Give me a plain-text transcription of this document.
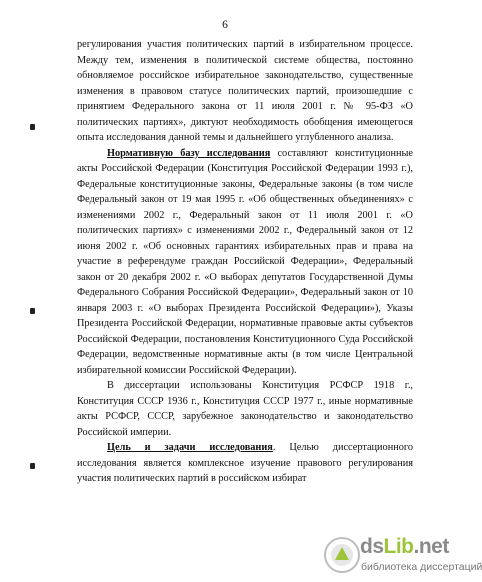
6

регулирования участия политических партий в избирательном процессе. Между тем, изменения в политической системе общества, постоянно обновляемое российское избирательное законодательство, существенные изменения в правовом статусе политических партий, произошедшие с принятием Федерального закона от 11 июля 2001 г. № 95-ФЗ «О политических партиях», диктуют необходимость обобщения имеющегося опыта исследования данной темы и дальнейшего углубленного анализа.

Нормативную базу исследования составляют конституционные акты Российской Федерации (Конституция Российской Федерации 1993 г.), Федеральные конституционные законы, Федеральные законы (в том числе Федеральный закон от 19 мая 1995 г. «Об общественных объединениях» с изменениями 2002 г., Федеральный закон от 11 июля 2001 г. «О политических партиях» с изменениями 2002 г., Федеральный закон от 12 июня 2002 г. «Об основных гарантиях избирательных прав и права на участие в референдуме граждан Российской Федерации», Федеральный закон от 20 декабря 2002 г. «О выборах депутатов Государственной Думы Федерального Собрания Российской Федерации», Федеральный закон от 10 января 2003 г. «О выборах Президента Российской Федерации»), Указы Президента Российской Федерации, нормативные правовые акты субъектов Российской Федерации, постановления Конституционного Суда Российской Федерации, ведомственные нормативные акты (в том числе Центральной избирательной комиссии Российской Федерации).

В диссертации использованы Конституция РСФСР 1918 г., Конституция СССР 1936 г., Конституция СССР 1977 г., иные нормативные акты РСФСР, СССР, зарубежное законодательство и законодательство Российской империи.

Цель и задачи исследования. Целью диссертационного исследования является комплексное изучение правового регулирования участия политических партий в российском избират

dsLib.net
библиотека диссертаций
